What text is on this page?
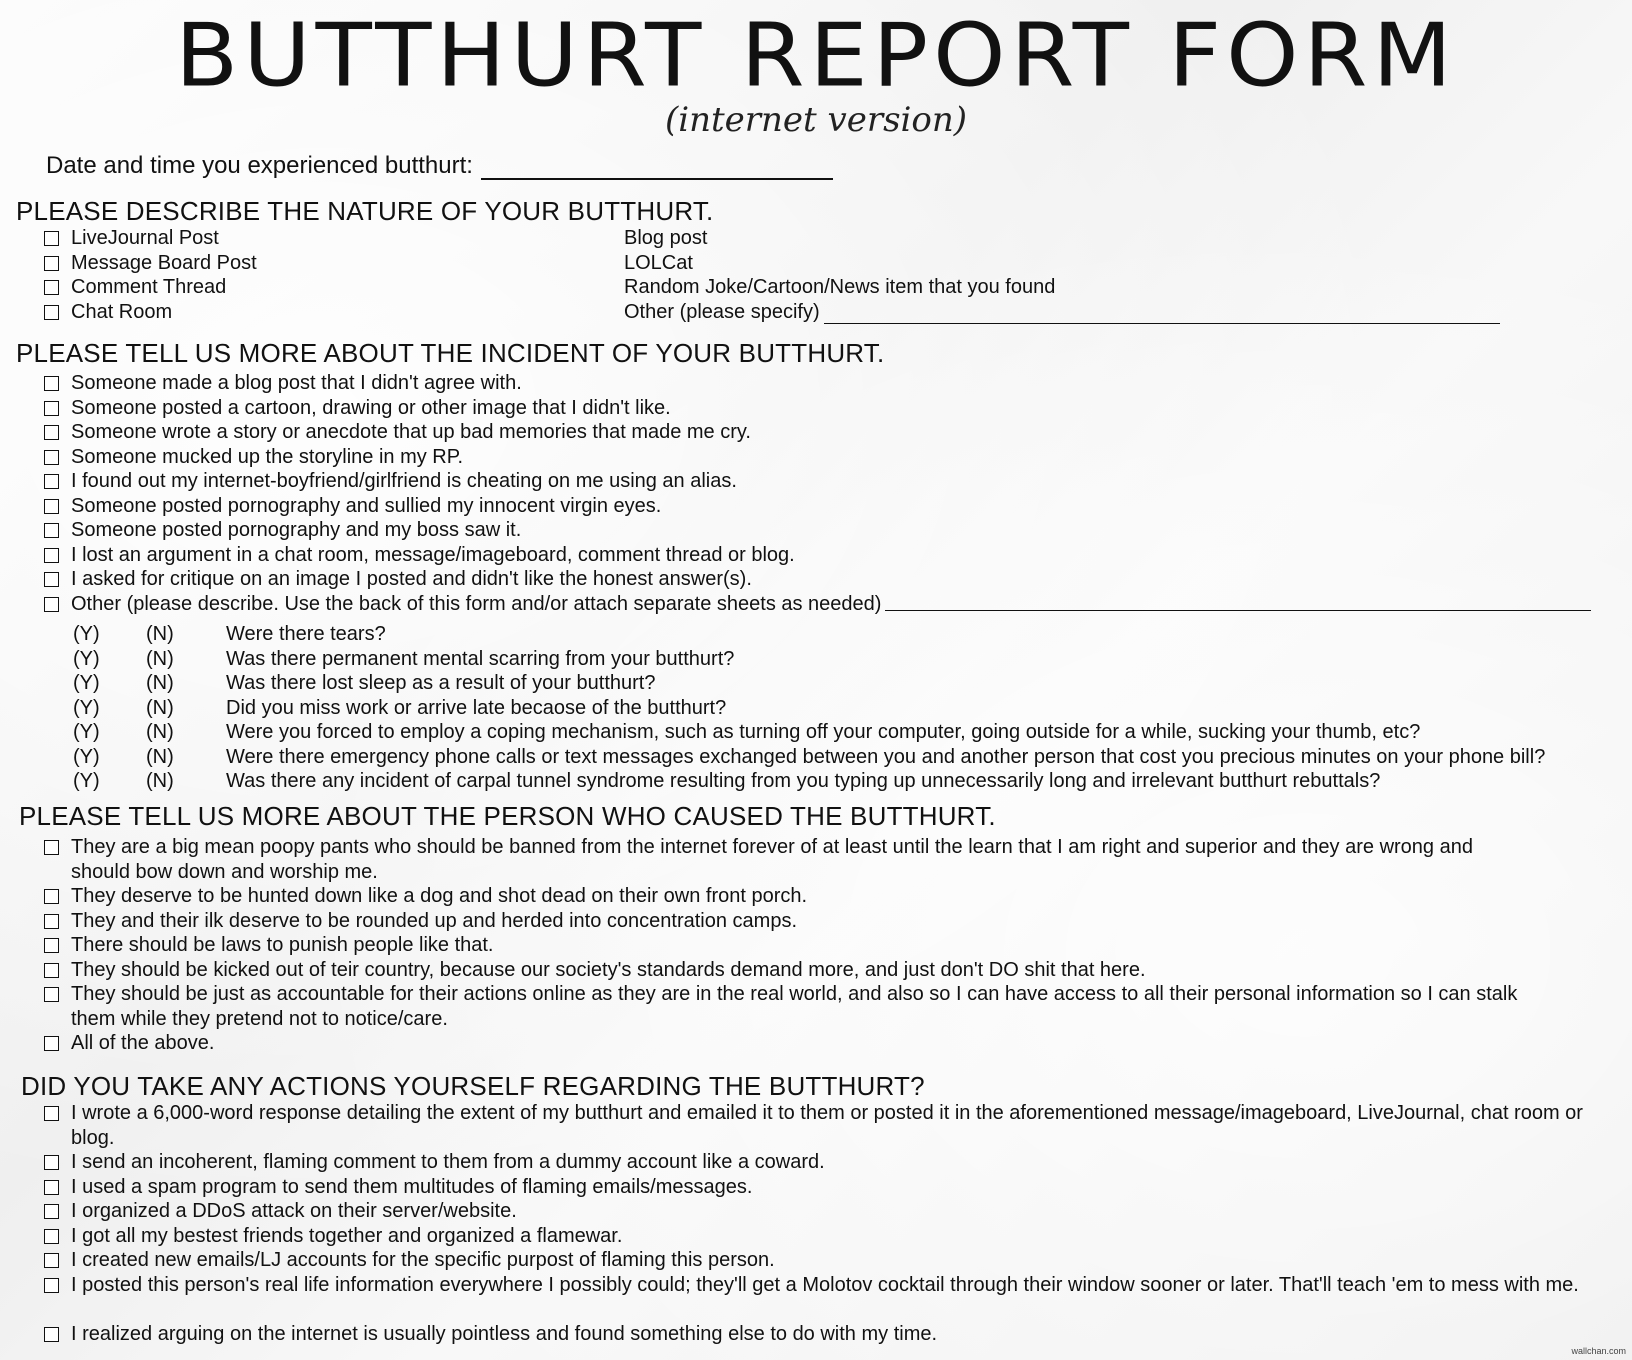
BUTTHURT REPORT FORM
(internet version)
Date and time you experienced butthurt:
PLEASE DESCRIBE THE NATURE OF YOUR BUTTHURT.
LiveJournal Post
Message Board Post
Comment Thread
Chat Room
Blog post
LOLCat
Random Joke/Cartoon/News item that you found
Other (please specify)
PLEASE TELL US MORE ABOUT THE INCIDENT OF YOUR BUTTHURT.
Someone made a blog post that I didn't agree with.
Someone posted a cartoon, drawing or other image that I didn't like.
Someone wrote a story or anecdote that up bad memories that made me cry.
Someone mucked up the storyline in my RP.
I found out my internet-boyfriend/girlfriend is cheating on me using an alias.
Someone posted pornography and sullied my innocent virgin eyes.
Someone posted pornography and my boss saw it.
I lost an argument in a chat room, message/imageboard, comment thread or blog.
I asked for critique on an image I posted and didn't like the honest answer(s).
Other (please describe. Use the back of this form and/or attach separate sheets as needed)
(Y)	(N)	Were there tears?
(Y)	(N)	Was there permanent mental scarring from your butthurt?
(Y)	(N)	Was there lost sleep as a result of your butthurt?
(Y)	(N)	Did you miss work or arrive late becaose of the butthurt?
(Y)	(N)	Were you forced to employ a coping mechanism, such as turning off your computer, going outside for a while, sucking your thumb, etc?
(Y)	(N)	Were there emergency phone calls or text messages exchanged between you and another person that cost you precious minutes on your phone bill?
(Y)	(N)	Was there any incident of carpal tunnel syndrome resulting from you typing up unnecessarily long and irrelevant butthurt rebuttals?
PLEASE TELL US MORE ABOUT THE PERSON WHO CAUSED THE BUTTHURT.
They are a big mean poopy pants who should be banned from the internet forever of at least until the learn that I am right and superior and they are wrong and should bow down and worship me.
They deserve to be hunted down like a dog and shot dead on their own front porch.
They and their ilk deserve to be rounded up and herded into concentration camps.
There should be laws to punish people like that.
They should be kicked out of teir country, because our society's standards demand more, and just don't DO shit that here.
They should be just as accountable for their actions online as they are in the real world, and also so I can have access to all their personal information so I can stalk them while they pretend not to notice/care.
All of the above.
DID YOU TAKE ANY ACTIONS YOURSELF REGARDING THE BUTTHURT?
I wrote a 6,000-word response detailing the extent of my butthurt and emailed it to them or posted it in the aforementioned message/imageboard, LiveJournal, chat room or blog.
I send an incoherent, flaming comment to them from a dummy account like a coward.
I used a spam program to send them multitudes of flaming emails/messages.
I organized a DDoS attack on their server/website.
I got all my bestest friends together and organized a flamewar.
I created new emails/LJ accounts for the specific purpost of flaming this person.
I posted this person's real life information everywhere I possibly could; they'll get a Molotov cocktail through their window sooner or later. That'll teach 'em to mess with me.
I realized arguing on the internet is usually pointless and found something else to do with my time.
wallchan.com
